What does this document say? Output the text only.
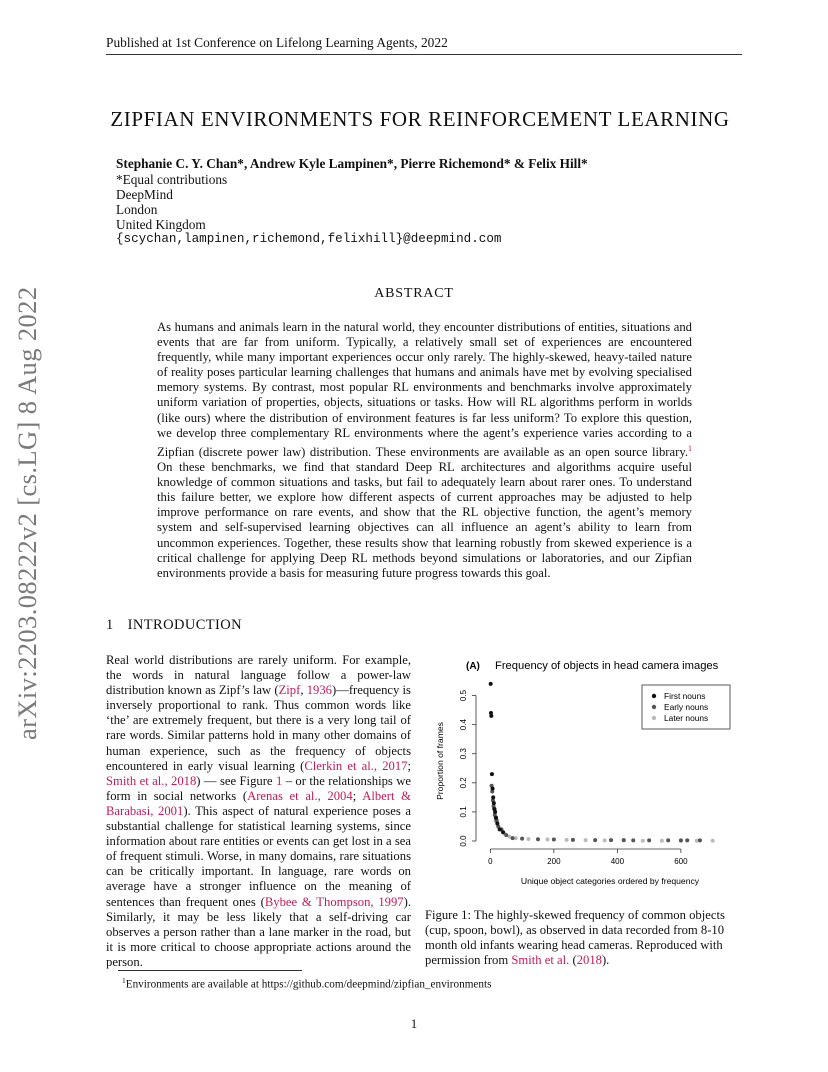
Published at 1st Conference on Lifelong Learning Agents, 2022
arXiv:2203.08222v2 [cs.LG] 8 Aug 2022
ZIPFIAN ENVIRONMENTS FOR REINFORCEMENT LEARNING
Stephanie C. Y. Chan*, Andrew Kyle Lampinen*, Pierre Richemond* & Felix Hill*
*Equal contributions
DeepMind
London
United Kingdom
{scychan,lampinen,richemond,felixhill}@deepmind.com
ABSTRACT
As humans and animals learn in the natural world, they encounter distributions of entities, situations and events that are far from uniform. Typically, a relatively small set of experiences are encountered frequently, while many important experiences occur only rarely. The highly-skewed, heavy-tailed nature of reality poses particular learning challenges that humans and animals have met by evolving specialised memory systems. By contrast, most popular RL environments and benchmarks involve approximately uniform variation of properties, objects, situations or tasks. How will RL algorithms perform in worlds (like ours) where the distribution of environment features is far less uniform? To explore this question, we develop three complementary RL environments where the agent’s experience varies according to a Zipfian (discrete power law) distribution. These environments are available as an open source library.$^1$ On these benchmarks, we find that standard Deep RL architectures and algorithms acquire useful knowledge of common situations and tasks, but fail to adequately learn about rarer ones. To understand this failure better, we explore how different aspects of current approaches may be adjusted to help improve performance on rare events, and show that the RL objective function, the agent’s memory system and self-supervised learning objectives can all influence an agent’s ability to learn from uncommon experiences. Together, these results show that learning robustly from skewed experience is a critical challenge for applying Deep RL methods beyond simulations or laboratories, and our Zipfian environments provide a basis for measuring future progress towards this goal.
1 INTRODUCTION
Real world distributions are rarely uniform. For example, the words in natural language follow a power-law distribution known as Zipf’s law (Zipf, 1936)—frequency is inversely proportional to rank. Thus common words like ‘the’ are extremely frequent, but there is a very long tail of rare words. Similar patterns hold in many other domains of human experience, such as the frequency of objects encountered in early visual learning (Clerkin et al., 2017; Smith et al., 2018) — see Figure 1 – or the relationships we form in social networks (Arenas et al., 2004; Albert & Barabasi, 2001). This aspect of natural experience poses a substantial challenge for statistical learning systems, since information about rare entities or events can get lost in a sea of frequent stimuli. Worse, in many domains, rare situations can be critically important. In language, rare words on average have a stronger influence on the meaning of sentences than frequent ones (Bybee & Thompson, 1997). Similarly, it may be less likely that a self-driving car observes a person rather than a lane marker in the road, but it is more critical to choose appropriate actions around the person.
(A) Frequency of objects in head camera images
Proportion of frames
Unique object categories ordered by frequency
0.0
0.1
0.2
0.3
0.4
0.5
0	200	400	600
First nouns
Early nouns
Later nouns
Figure 1: The highly-skewed frequency of common objects (cup, spoon, bowl), as observed in data recorded from 8-10 month old infants wearing head cameras. Reproduced with permission from Smith et al. (2018).
$^1$Environments are available at https://github.com/deepmind/zipfian_environments
1
